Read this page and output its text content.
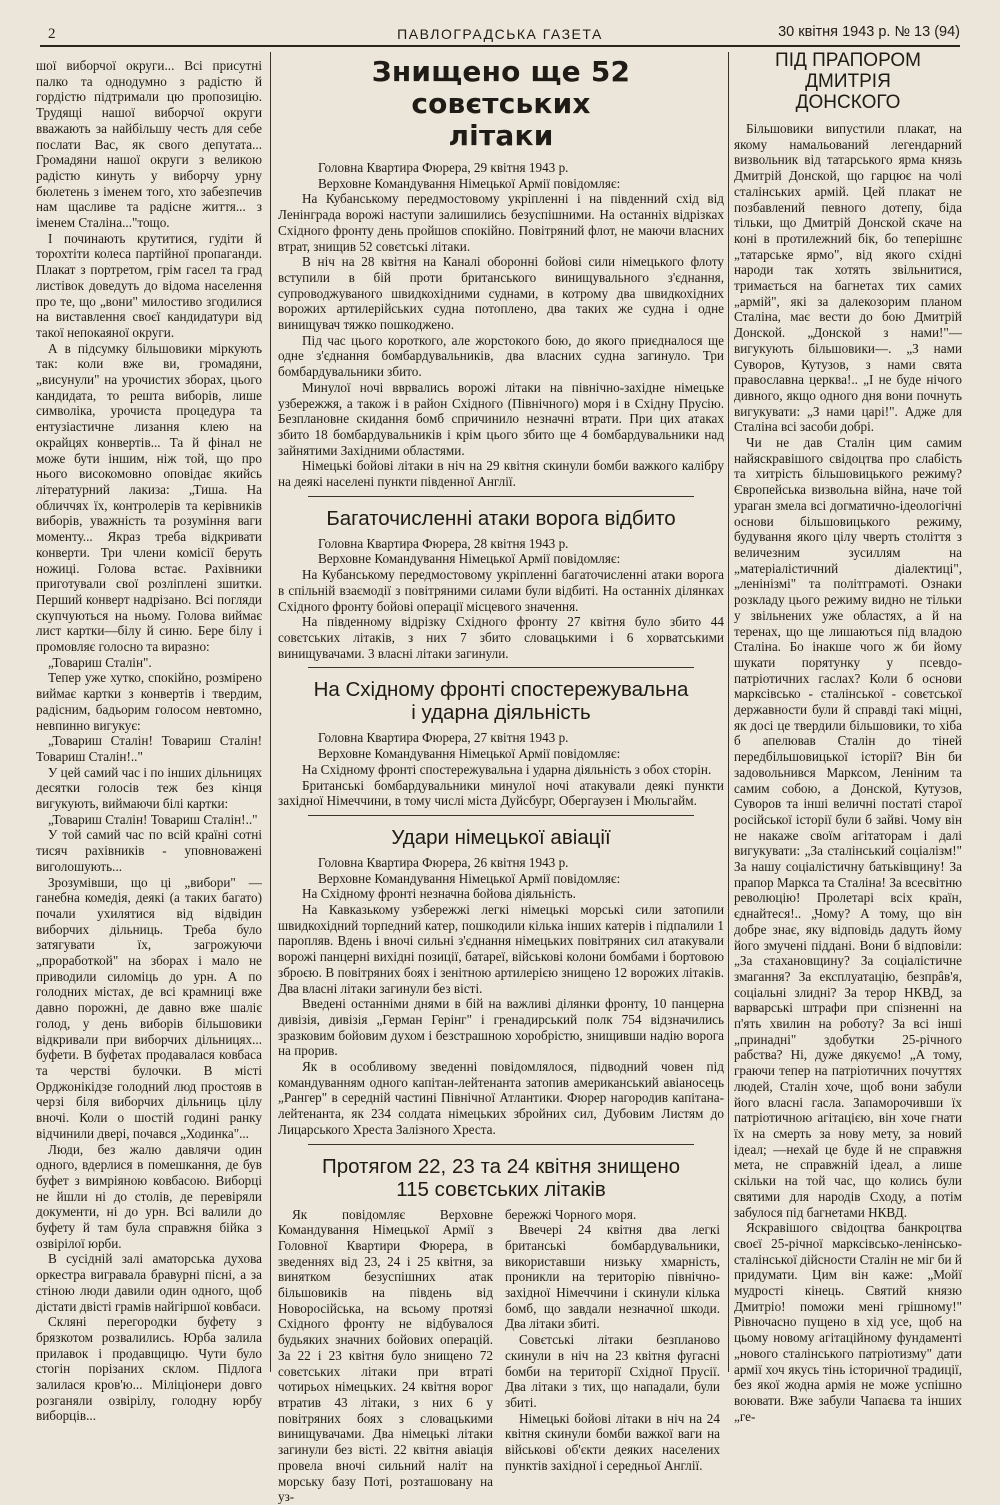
2	ПАВЛОГРАДСЬКА ГАЗЕТА	30 квітня 1943 р. № 13 (94)

шої виборчої округи... Всі присутні палко та однодумно з радістю й гордістю підтримали цю пропозицію. Трудящі нашої виборчої округи вважають за найбільшу честь для себе послати Вас, як свого депутата... Громадяни нашої округи з великою радістю кинуть у виборчу урну бюлетень з іменем того, хто забезпечив нам щасливе та радісне життя... з іменем Сталіна..."тощо.

І починають крутитися, гудіти й торохтіти колеса партійної пропаганди. Плакат з портретом, грім гасел та град листівок доведуть до відома населення про те, що „вони" милостиво згодилися на виставлення своєї кандидатури від такої непокаяної округи.

А в підсумку більшовики міркують так: коли вже ви, громадяни, „висунули" на урочистих зборах, цього кандидата, то решта виборів, лише символіка, урочиста процедура та ентузіастичне лизання клею на окрайцях конвертів... Та й фінал не може бути іншим, ніж той, що про нього високомовно оповідає якийсь літературний лакиза: „Тиша. На обличчях їх, контролерів та керівників виборів, уважність та розуміння ваги моменту... Якраз треба відкривати конверти. Три члени комісії беруть ножиці. Голова встає. Рахівники приготували свої розліплені зшитки. Перший конверт надрізано. Всі погляди скупчуються на ньому. Голова виймає лист картки—білу й синю. Бере білу і промовляє голосно та виразно:

„Товариш Сталін".

Тепер уже хутко, спокійно, розмірено виймає картки з конвертів і твердим, радісним, бадьорим голосом невтомно, невпинно вигукує:

„Товариш Сталін! Товариш Сталін! Товариш Сталін!.."

У цей самий час і по інших дільницях десятки голосів теж без кінця вигукують, виймаючи білі картки:

„Товариш Сталін! Товариш Сталін!.."

У той самий час по всій країні сотні тисяч рахівників - уповноважені виголошують...

Зрозумівши, що ці „вибори" — ганебна комедія, деякі (а таких багато) почали ухилятися від відвідин виборчих дільниць. Треба було затягувати їх, загрожуючи „проработкой" на зборах і мало не приводили силоміць до урн. А по голодних містах, де всі крамниці вже давно порожні, де давно вже шаліє голод, у день виборів більшовики відкривали при виборчих дільницях... буфети. В буфетах продавалася ковбаса та черстві булочки. В місті Орджонікідзе голодний люд простояв в черзі біля виборчих дільниць цілу вночі. Коли о шостій годині ранку відчинили двері, почався „Ходинка"...

Люди, без жалю давлячи один одного, вдерлися в помешкання, де був буфет з вимріяною ковбасою. Виборці не йшли ні до столів, де перевіряли документи, ні до урн. Всі валили до буфету й там була справжня бійка з озвірілої юрби.

В сусідній залі аматорська духова оркестра вигравала бравурні пісні, а за стіною люди давили один одного, щоб дістати двісті грамів найгіршої ковбаси.

Скляні перегородки буфету з брязкотом розвалились. Юрба залила прилавок і продавщицю. Чути було стогін порізаних склом. Підлога залилася кров'ю... Міліціонери довго розганяли озвірілу, голодну юрбу виборців...

Знищено ще 52 совєтських
літаки

Головна Квартира Фюрера, 29 квітня 1943 р.

Верховне Командування Німецької Армії повідомляє:

На Кубанському передмостовому укріпленні і на південний схід від Ленінграда ворожі наступи залишились безуспішними. На останніх відрізках Східного фронту день пройшов спокійно. Повітряний флот, не маючи власних втрат, знищив 52 совєтські літаки.

В ніч на 28 квітня на Каналі оборонні бойові сили німецького флоту вступили в бій проти британського винищувального з'єднання, супроводжуваного швидкохідними суднами, в котрому два швидкохідних ворожих артилерійських судна потоплено, два таких же судна і одне винищувач тяжко пошкоджено.

Під час цього короткого, але жорстокого бою, до якого приєдналося ще одне з'єднання бомбардувальників, два власних судна загинуло. Три бомбардувальники збито.

Минулої ночі вврвались ворожі літаки на північно-західне німецьке узбережжя, а також і в район Східного (Північного) моря і в Східну Прусію. Безплановне скидання бомб спричинило незначні втрати. При цих атаках збито 18 бомбардувальників і крім цього збито ще 4 бомбардувальники над зайнятими Західними областями.

Німецькі бойові літаки в ніч на 29 квітня скинули бомби важкого калібру на деякі населені пункти південної Англії.

Багаточисленні атаки ворога відбито

Головна Квартира Фюрера, 28 квітня 1943 р.

Верховне Командування Німецької Армії повідомляє:

На Кубанському передмостовому укріпленні багаточисленні атаки ворога в спільній взаємодії з повітряними силами були відбиті. На останніх ділянках Східного фронту бойові операції місцевого значення.

На південному відрізку Східного фронту 27 квітня було збито 44 совєтських літаків, з них 7 збито словацькими і 6 хорватськими винищувачами. 3 власні літаки загинули.

На Східному фронті спостережувальна
і ударна діяльність

Головна Квартира Фюрера, 27 квітня 1943 р.

Верховне Командування Німецької Армії повідомляє:

На Східному фронті спостережувальна і ударна діяльність з обох сторін.

Британські бомбардувальники минулої ночі атакували деякі пункти західної Німеччини, в тому числі міста Дуйсбург, Обергаузен і Мюльгайм.

Удари німецької авіації

Головна Квартира Фюрера, 26 квітня 1943 р.

Верховне Командування Німецької Армії повідомляє:

На Східному фронті незначна бойова діяльність.

На Кавказькому узбережжі легкі німецькі морські сили затопили швидкохідний торпедний катер, пошкодили кілька інших катерів і підпалили 1 паропляв. Вдень і вночі сильні з'єднання німецьких повітряних сил атакували ворожі панцерні вихідні позиції, батареї, військові колони бомбами і бортовою зброєю. В повітряних боях і зенітною артилерією знищено 12 ворожих літаків. Два власні літаки загинули без вісті.

Введені останніми днями в бій на важливі ділянки фронту, 10 панцерна дивізія, дивізія „Герман Герінг" і гренадирський полк 754 відзначились зразковим бойовим духом і безстрашною хоробрістю, знищивши надію ворога на прорив.

Як в особливому зведенні повідомлялося, підводний човен під командуванням одного капітан-лейтенанта затопив американський авіаносець „Рангер" в середній частині Північної Атлантики. Фюрер нагородив капітана-лейтенанта, як 234 солдата німецьких збройних сил, Дубовим Листям до Лицарського Хреста Залізного Хреста.

Протягом 22, 23 та 24 квітня знищено
115 совєтських літаків

Як повідомляє Верховне Командування Німецької Армії з Головної Квартири Фюрера, в зведеннях від 23, 24 і 25 квітня, за винятком безуспішних атак більшовиків на південь від Новоросійська, на всьому протязі Східного фронту не відбувалося будьяких значних бойових операцій. За 22 і 23 квітня було знищено 72 совєтських літаки при втраті чотирьох німецьких. 24 квітня ворог втратив 43 літаки, з них 6 у повітряних боях з словацькими винищувачами. Два німецькі літаки загинули без вісті. 22 квітня авіація провела вночі сильний наліт на морську базу Поті, розташовану на уз-

бережжі Чорного моря.

Ввечері 24 квітня два легкі британські бомбардувальники, використавши низьку хмарність, проникли на територію північно-західної Німеччини і скинули кілька бомб, що завдали незначної шкоди. Два літаки збиті.

Совєтські літаки безпланово скинули в ніч на 23 квітня фугасні бомби на території Східної Прусії. Два літаки з тих, що нападали, були збиті.

Німецькі бойові літаки в ніч на 24 квітня скинули бомби важкої ваги на військові об'єкти деяких населених пунктів західної і середньої Англії.

ПІД ПРАПОРОМ
ДМИТРІЯ
ДОНСКОГО

Більшовики випустили плакат, на якому намальований легендарний визвольник від татарського ярма князь Дмитрій Донской, що гарцює на чолі сталінських армій. Цей плакат не позбавлений певного дотепу, біда тільки, що Дмитрій Донской скаче на коні в протилежний бік, бо теперішнє „татарське ярмо", від якого східні народи так хотять звільнитися, тримається на багнетах тих самих „армій", які за далекозорим планом Сталіна, має вести до бою Дмитрій Донской. „Донской з нами!"—вигукують більшовики—. „З нами Суворов, Кутузов, з нами свята православна церква!.. „І не буде нічого дивного, якщо одного дня вони почнуть вигукувати: „З нами царі!". Адже для Сталіна всі засоби добрі.

Чи не дав Сталін цим самим найяскравішого свідоцтва про слабість та хитрість більшовицького режиму? Європейська визвольна війна, наче той ураган змела всі догматично-ідеологічні основи більшовицького режиму, будування якого цілу чверть століття з величезним зусиллям на „матеріалістичний діалектиці", „ленінізмі" та політграмоті. Ознаки розкладу цього режиму видно не тільки у звільнених уже областях, а й на теренах, що ще лишаються під владою Сталіна. Бо інакше чого ж би йому шукати порятунку у псевдо-патріотичних гаслах? Коли б основи марксівсько - сталінської - совєтської державности були й справді такі міцні, як досі це твердили більшовики, то хіба б апелював Сталін до тіней передбільшовицької історії? Він би задовольнився Марксом, Леніним та самим собою, а Донской, Кутузов, Суворов та інші величні постаті старої російської історії були б зайві. Чому він не накаже своїм агітаторам і далі вигукувати: „За сталінський соціалізм!" За нашу соціалістичну батьківщину! За прапор Маркса та Сталіна! За всесвітню революцію! Пролетарі всіх країн, єднайтеся!.. „Чому? А тому, що він добре знає, яку відповідь дадуть йому його змучені піддані. Вони б відповіли: „За стахановщину? За соціалістичне змагання? За експлуатацію, безпрâв'я, соціальні злидні? За терор НКВД, за варварські штрафи при спізненні на п'ять хвилин на роботу? За всі інші „принадні" здобутки 25-річного рабства? Ні, дуже дякуємо! „А тому, граючи тепер на патріотичних почуттях людей, Сталін хоче, щоб вони забули його власні гасла. Запаморочивши їх патріотичною агітацією, він хоче гнати їх на смерть за нову мету, за новий ідеал; —нехай це буде й не справжня мета, не справжній ідеал, а лише скільки на той час, що колись були святими для народів Сходу, а потім забулося під багнетами НКВД.

Яскравішого свідоцтва банкроцтва своєї 25-річної марксівсько-ленінсько-сталінської дійсности Сталін не міг би й придумати. Цим він каже: „Мойї мудрості кінець. Святий князю Дмитріо! поможи мені грішному!" Рівночасно пущено в хід усе, щоб на цьому новому агітаційному фундаменті „нового сталінського патріотизму" дати армії хоч якусь тінь історичної традиції, без якої жодна армія не може успішно воювати. Вже забули Чапаєва та інших „ге-
